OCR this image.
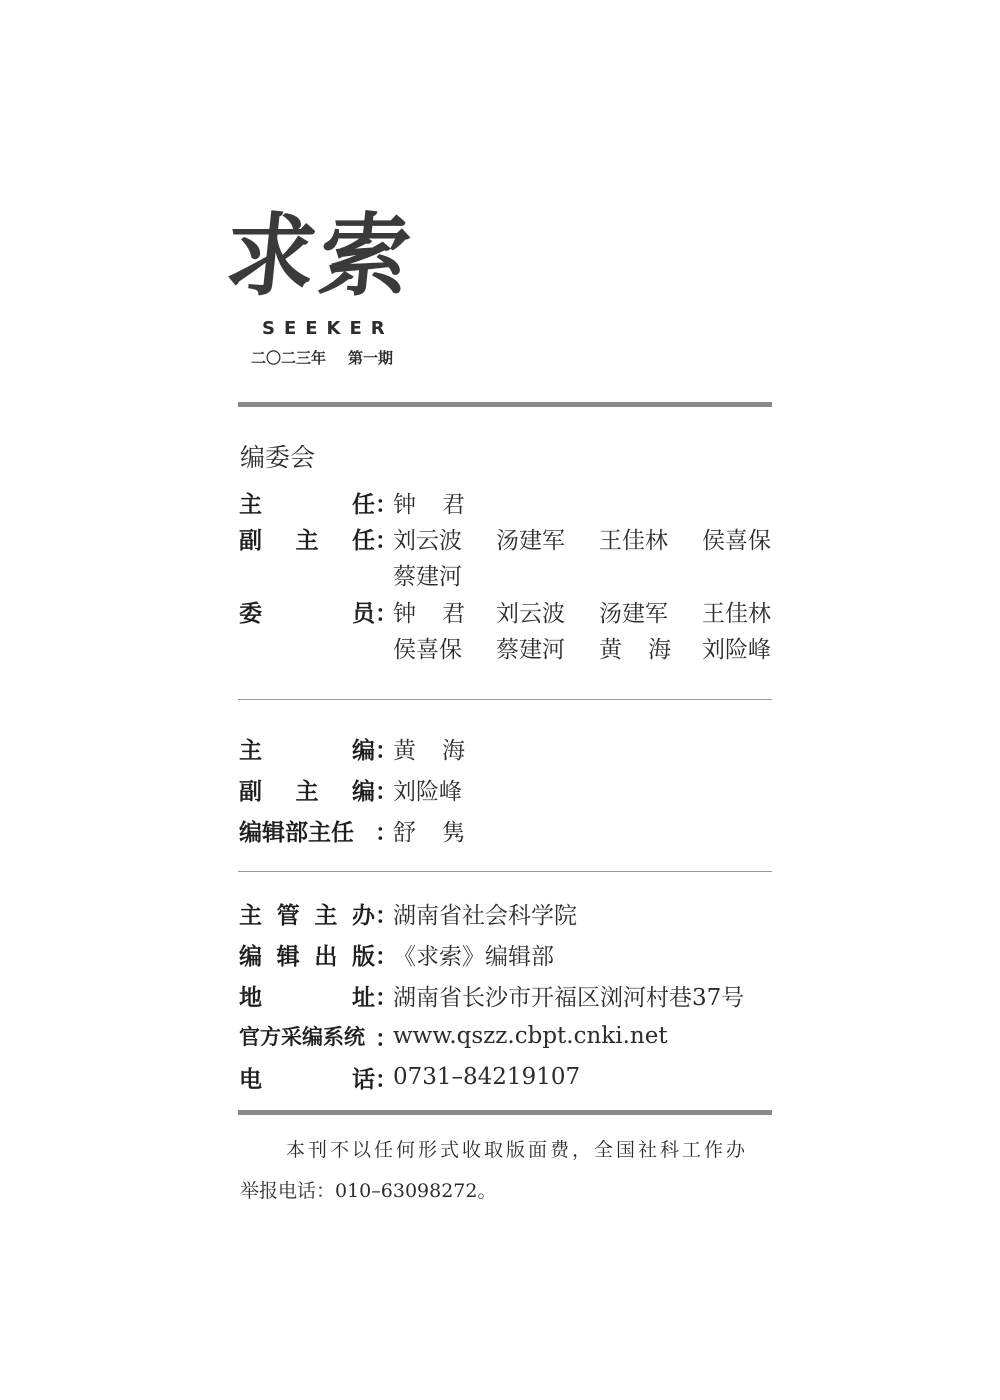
求索
SEEKER
二〇二三年 第一期
编委会
主	任 ：
钟君
副 主 任 ：
刘云波	汤建军	王佳林	侯喜保
蔡建河
委	员 ：
钟君 刘云波	汤建军	王佳林
侯喜保	蔡建河	黄海 刘险峰
主	编 ：
黄海
副 主 编 ：
刘险峰
编辑部主任 ：
舒隽
主 管 主 办 ：
湖南省社会科学院
编 辑 出 版 ：
《求索》编辑部
地	址 ：
湖南省长沙市开福区浏河村巷37号
官方采编系统 ：
www.qszz.cbpt.cnki.net
电	话 ：
0731–84219107
本刊不以任何形式收取版面费，全国社科工作办
举报电话：010–63098272。
